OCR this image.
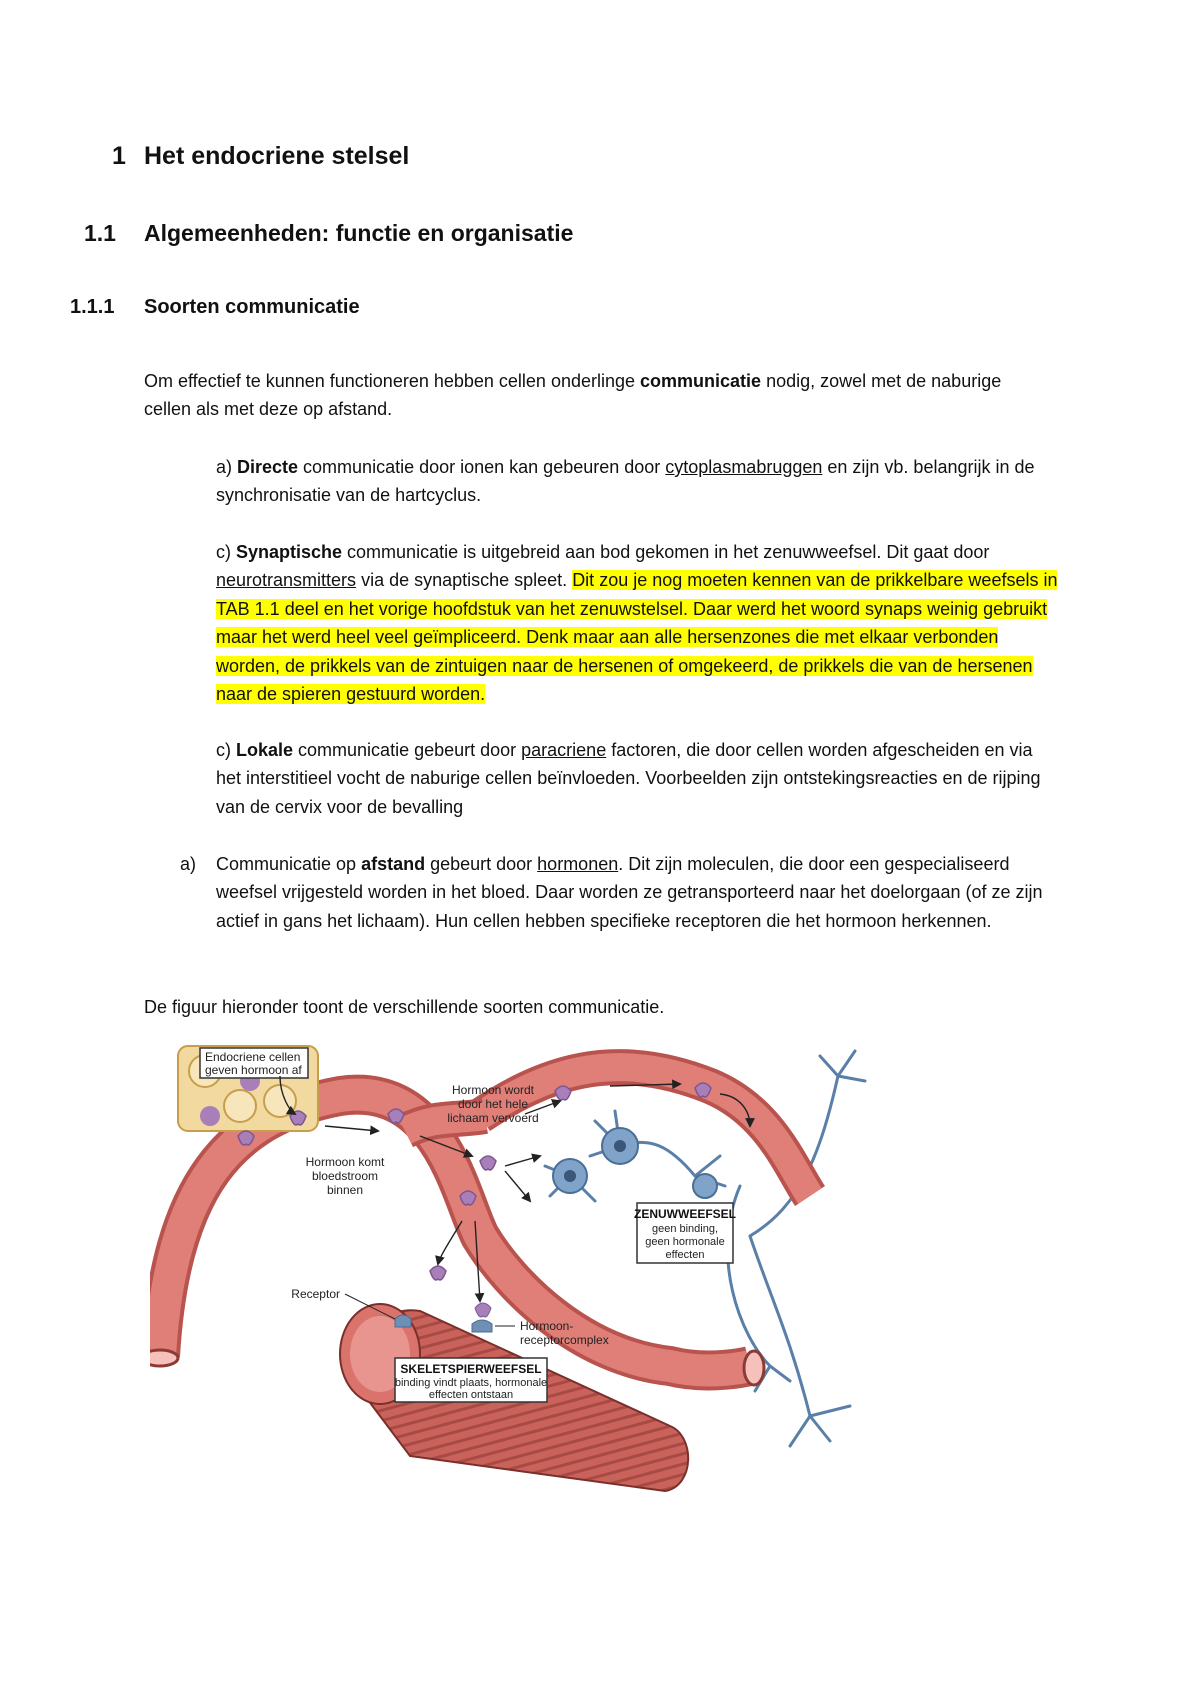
1 Het endocriene stelsel
1.1 Algemeenheden: functie en organisatie
1.1.1 Soorten communicatie
Om effectief te kunnen functioneren hebben cellen onderlinge communicatie nodig, zowel met de naburige cellen als met deze op afstand.
a) Directe communicatie door ionen kan gebeuren door cytoplasmabruggen en zijn vb. belangrijk in de synchronisatie van de hartcyclus.
c) Synaptische communicatie is uitgebreid aan bod gekomen in het zenuwweefsel. Dit gaat door neurotransmitters via de synaptische spleet. Dit zou je nog moeten kennen van de prikkelbare weefsels in TAB 1.1 deel en het vorige hoofdstuk van het zenuwstelsel. Daar werd het woord synaps weinig gebruikt maar het werd heel veel geïmpliceerd. Denk maar aan alle hersenzones die met elkaar verbonden worden, de prikkels van de zintuigen naar de hersenen of omgekeerd, de prikkels die van de hersenen naar de spieren gestuurd worden.
c) Lokale communicatie gebeurt door paracriene factoren, die door cellen worden afgescheiden en via het interstitieel vocht de naburige cellen beïnvloeden. Voorbeelden zijn ontstekingsreacties en de rijping van de cervix voor de bevalling
a)	Communicatie op afstand gebeurt door hormonen. Dit zijn moleculen, die door een gespecialiseerd weefsel vrijgesteld worden in het bloed. Daar worden ze getransporteerd naar het doelorgaan (of ze zijn actief in gans het lichaam). Hun cellen hebben specifieke receptoren die het hormoon herkennen.
De figuur hieronder toont de verschillende soorten communicatie.
Endocriene cellen
geven hormoon af
Hormoon wordt
door het hele
lichaam vervoerd
Hormoon komt
bloedstroom
binnen
ZENUWWEEFSEL
geen binding,
geen hormonale
effecten
Receptor
Hormoon-
receptorcomplex
SKELETSPIERWEEFSEL
binding vindt plaats, hormonale
effecten ontstaan
